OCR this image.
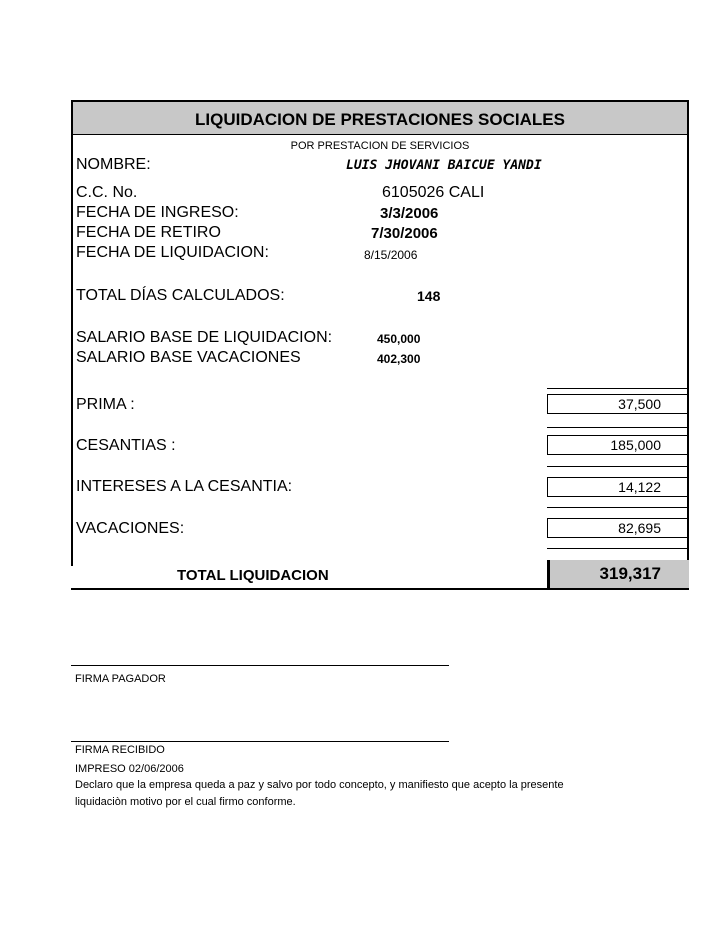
LIQUIDACION DE PRESTACIONES SOCIALES
POR PRESTACION DE SERVICIOS
NOMBRE:	LUIS JHOVANI BAICUE YANDI
C.C. No.	6105026 CALI
FECHA DE INGRESO:	3/3/2006
FECHA DE RETIRO	7/30/2006
FECHA DE LIQUIDACION:	8/15/2006
TOTAL DÍAS CALCULADOS:	148
SALARIO BASE DE LIQUIDACION:	450,000
SALARIO BASE VACACIONES	402,300
PRIMA :	37,500
CESANTIAS :	185,000
INTERESES A LA CESANTIA:	14,122
VACACIONES:	82,695
TOTAL LIQUIDACION	319,317
FIRMA PAGADOR
FIRMA RECIBIDO
IMPRESO 02/06/2006
Declaro que la empresa queda a paz y salvo por todo concepto, y manifiesto que acepto la presente
liquidaciòn motivo por el cual firmo conforme.
